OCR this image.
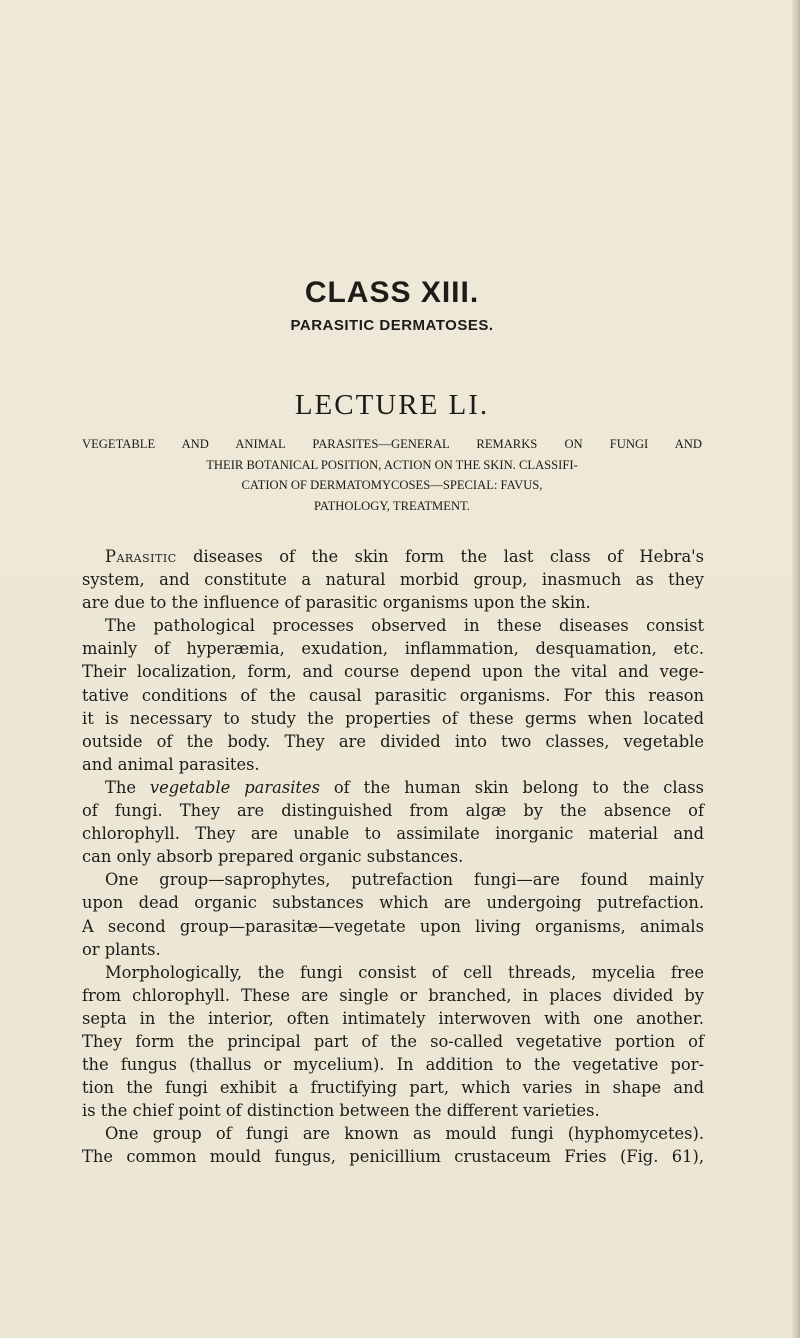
CLASS XIII.
PARASITIC DERMATOSES.
LECTURE LI.

VEGETABLE AND ANIMAL PARASITES—GENERAL REMARKS ON FUNGI AND
THEIR BOTANICAL POSITION, ACTION ON THE SKIN. CLASSIFI-
CATION OF DERMATOMYCOSES—SPECIAL: FAVUS,
PATHOLOGY, TREATMENT.

Parasitic diseases of the skin form the last class of Hebra's
system, and constitute a natural morbid group, inasmuch as they
are due to the influence of parasitic organisms upon the skin.
The pathological processes observed in these diseases consist
mainly of hyperæmia, exudation, inflammation, desquamation, etc.
Their localization, form, and course depend upon the vital and vege-
tative conditions of the causal parasitic organisms. For this reason
it is necessary to study the properties of these germs when located
outside of the body. They are divided into two classes, vegetable
and animal parasites.
The vegetable parasites of the human skin belong to the class
of fungi. They are distinguished from algæ by the absence of
chlorophyll. They are unable to assimilate inorganic material and
can only absorb prepared organic substances.
One group—saprophytes, putrefaction fungi—are found mainly
upon dead organic substances which are undergoing putrefaction.
A second group—parasitæ—vegetate upon living organisms, animals
or plants.
Morphologically, the fungi consist of cell threads, mycelia free
from chlorophyll. These are single or branched, in places divided by
septa in the interior, often intimately interwoven with one another.
They form the principal part of the so-called vegetative portion of
the fungus (thallus or mycelium). In addition to the vegetative por-
tion the fungi exhibit a fructifying part, which varies in shape and
is the chief point of distinction between the different varieties.
One group of fungi are known as mould fungi (hyphomycetes).
The common mould fungus, penicillium crustaceum Fries (Fig. 61),
